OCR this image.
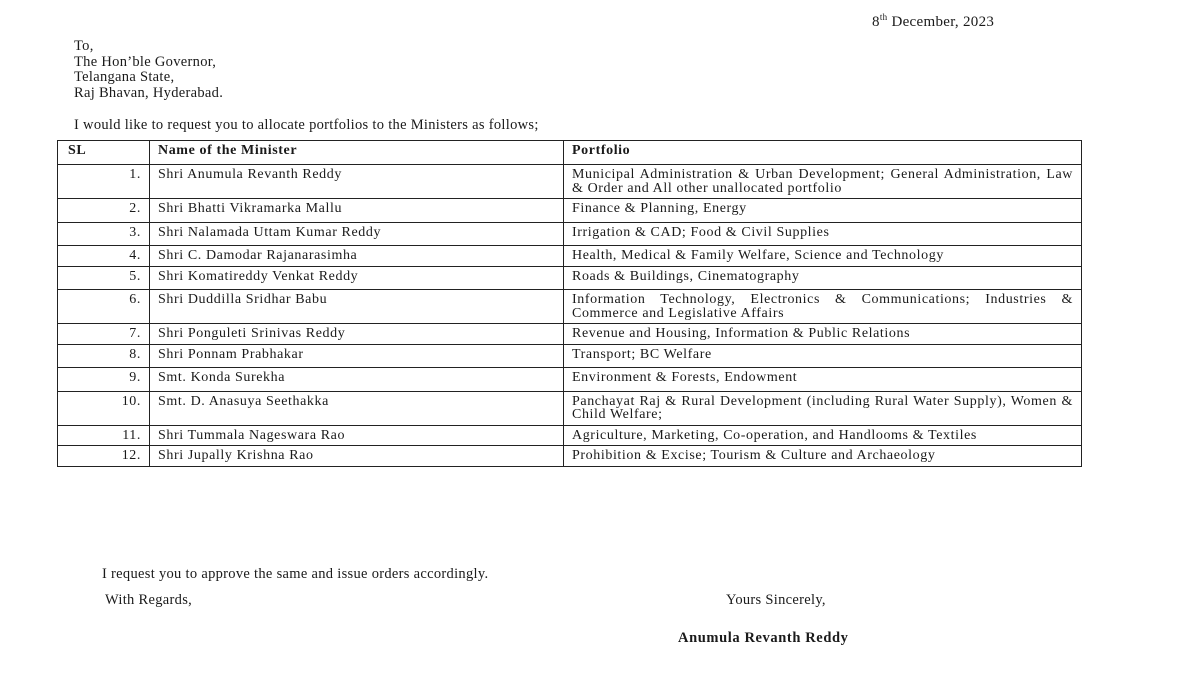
8th December, 2023
To,
The Hon’ble Governor,
Telangana State,
Raj Bhavan, Hyderabad.
I would like to request you to allocate portfolios to the Ministers as follows;
SL	Name of the Minister	Portfolio
1.	Shri Anumula Revanth Reddy	Municipal Administration & Urban Development; General Administration, Law & Order and All other unallocated portfolio
2.	Shri Bhatti Vikramarka Mallu	Finance & Planning, Energy
3.	Shri Nalamada Uttam Kumar Reddy	Irrigation & CAD; Food & Civil Supplies
4.	Shri C. Damodar Rajanarasimha	Health, Medical & Family Welfare, Science and Technology
5.	Shri Komatireddy Venkat Reddy	Roads & Buildings, Cinematography
6.	Shri Duddilla Sridhar Babu	Information Technology, Electronics & Communications; Industries & Commerce and Legislative Affairs
7.	Shri Ponguleti Srinivas Reddy	Revenue and Housing, Information & Public Relations
8.	Shri Ponnam Prabhakar	Transport; BC Welfare
9.	Smt. Konda Surekha	Environment & Forests, Endowment
10.	Smt. D. Anasuya Seethakka	Panchayat Raj & Rural Development (including Rural Water Supply), Women & Child Welfare;
11.	Shri Tummala Nageswara Rao	Agriculture, Marketing, Co-operation, and Handlooms & Textiles
12.	Shri Jupally Krishna Rao	Prohibition & Excise; Tourism & Culture and Archaeology
I request you to approve the same and issue orders accordingly.
With Regards,	Yours Sincerely,
Anumula Revanth Reddy
